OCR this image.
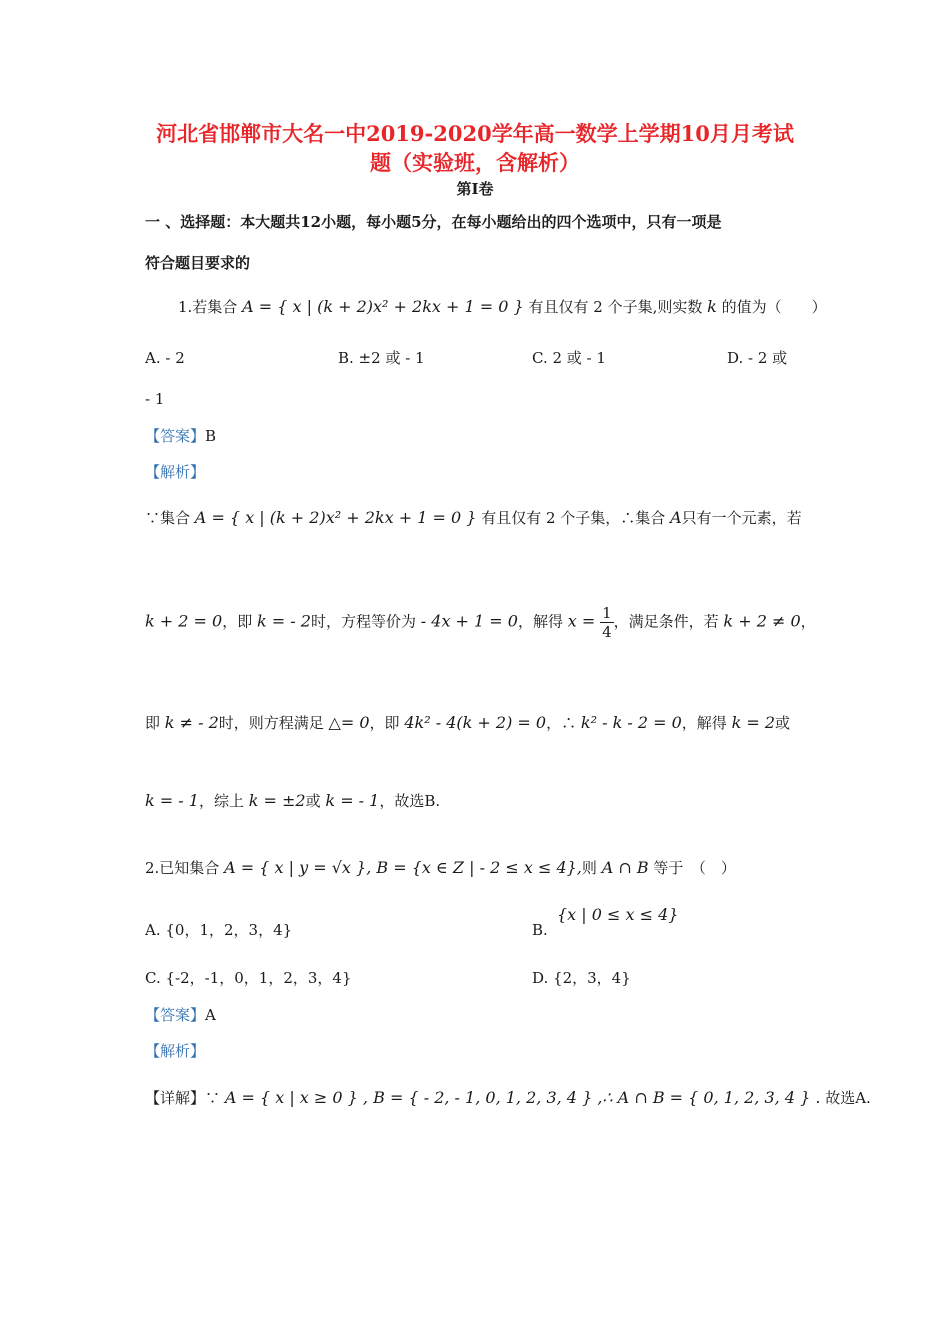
河北省邯郸市大名一中2019-2020学年高一数学上学期10月月考试
题（实验班，含解析）
第I卷
一 、选择题：本大题共12小题，每小题5分，在每小题给出的四个选项中，只有一项是
符合题目要求的
1.若集合 A = { x | (k + 2)x² + 2kx + 1 = 0 } 有且仅有 2 个子集,则实数 k 的值为（　　）
A. - 2	B. ±2 或 - 1	C. 2 或 - 1	D. - 2 或
- 1
【答案】B
【解析】
∵集合 A = { x | (k + 2)x² + 2kx + 1 = 0 } 有且仅有 2 个子集，∴集合 A只有一个元素，若
k + 2 = 0，即 k = - 2时，方程等价为 - 4x + 1 = 0，解得 $x = \frac{1}{4}$ ，满足条件，若 k + 2 ≠ 0，
即 k ≠ - 2时，则方程满足 △= 0，即 4k² - 4(k + 2) = 0，∴ k² - k - 2 = 0，解得 k = 2或
k = - 1，综上 k = ±2或 k = - 1，故选B.
2.已知集合 A = { x | y = √x }, B = {x ∈ Z | - 2 ≤ x ≤ 4},则 A ∩ B 等于　（　）
A. {0，1，2，3，4}	B.
{x | 0 ≤ x ≤ 4}
C. {-2，-1，0，1，2，3，4}	D. {2，3，4}
【答案】A
【解析】
【详解】∵ A = { x | x ≥ 0 } , B = { - 2, - 1, 0, 1, 2, 3, 4 } ,∴ A ∩ B = { 0, 1, 2, 3, 4 } . 故选A.
